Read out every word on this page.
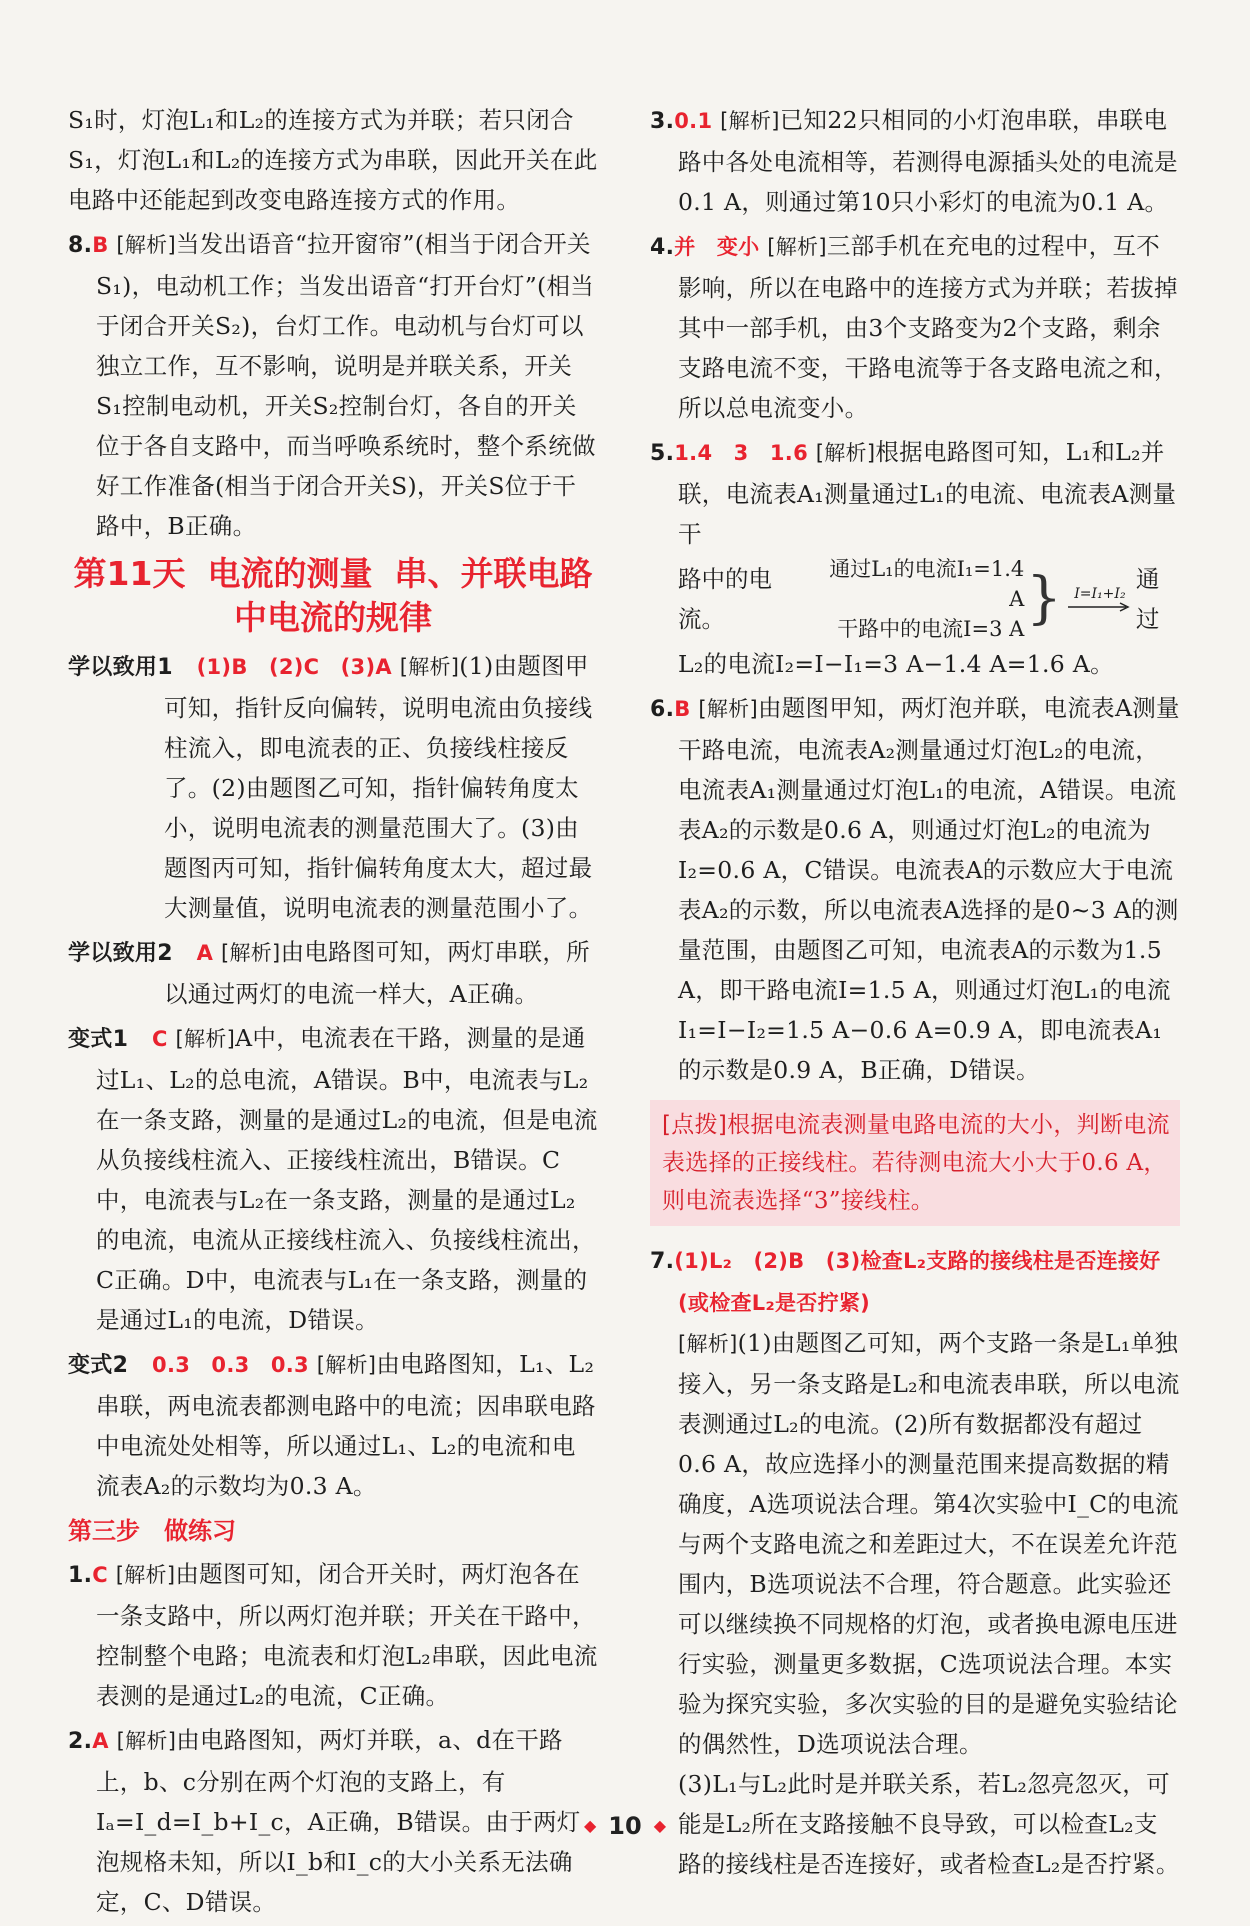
S₁时，灯泡L₁和L₂的连接方式为并联；若只闭合S₁，灯泡L₁和L₂的连接方式为串联，因此开关在此电路中还能起到改变电路连接方式的作用。

8.B [解析]当发出语音“拉开窗帘”(相当于闭合开关S₁)，电动机工作；当发出语音“打开台灯”(相当于闭合开关S₂)，台灯工作。电动机与台灯可以独立工作，互不影响，说明是并联关系，开关S₁控制电动机，开关S₂控制台灯，各自的开关位于各自支路中，而当呼唤系统时，整个系统做好工作准备(相当于闭合开关S)，开关S位于干路中，B正确。

第11天 电流的测量 串、并联电路
中电流的规律

学以致用1　 (1)B　(2)C　(3)A [解析](1)由题图甲可知，指针反向偏转，说明电流由负接线柱流入，即电流表的正、负接线柱接反了。(2)由题图乙可知，指针偏转角度太小，说明电流表的测量范围大了。(3)由题图丙可知，指针偏转角度太大，超过最大测量值，说明电流表的测量范围小了。

学以致用2　 A [解析]由电路图可知，两灯串联，所以通过两灯的电流一样大，A正确。

变式1　 C [解析]A中，电流表在干路，测量的是通过L₁、L₂的总电流，A错误。B中，电流表与L₂在一条支路，测量的是通过L₂的电流，但是电流从负接线柱流入、正接线柱流出，B错误。C中，电流表与L₂在一条支路，测量的是通过L₂的电流，电流从正接线柱流入、负接线柱流出，C正确。D中，电流表与L₁在一条支路，测量的是通过L₁的电流，D错误。

变式2　 0.3　0.3　0.3 [解析]由电路图知，L₁、L₂串联，两电流表都测电路中的电流；因串联电路中电流处处相等，所以通过L₁、L₂的电流和电流表A₂的示数均为0.3 A。

第三步　做练习

1.C [解析]由题图可知，闭合开关时，两灯泡各在一条支路中，所以两灯泡并联；开关在干路中，控制整个电路；电流表和灯泡L₂串联，因此电流表测的是通过L₂的电流，C正确。

2.A [解析]由电路图知，两灯并联，a、d在干路上，b、c分别在两个灯泡的支路上，有Iₐ=I_d=I_b+I_c，A正确，B错误。由于两灯泡规格未知，所以I_b和I_c的大小关系无法确定，C、D错误。

3.0.1 [解析]已知22只相同的小灯泡串联，串联电路中各处电流相等，若测得电源插头处的电流是0.1 A，则通过第10只小彩灯的电流为0.1 A。

4.并　变小 [解析]三部手机在充电的过程中，互不影响，所以在电路中的连接方式为并联；若拔掉其中一部手机，由3个支路变为2个支路，剩余支路电流不变，干路电流等于各支路电流之和，所以总电流变小。

5.1.4　3　1.6 [解析]根据电路图可知，L₁和L₂并联，电流表A₁测量通过L₁的电流、电流表A测量干

路中的电流。
通过L₁的电流I₁=1.4 A
干路中的电流I=3 A } I=I₁+I₂
通过

L₂的电流I₂=I−I₁=3 A−1.4 A=1.6 A。

6.B [解析]由题图甲知，两灯泡并联，电流表A测量干路电流，电流表A₂测量通过灯泡L₂的电流，电流表A₁测量通过灯泡L₁的电流，A错误。电流表A₂的示数是0.6 A，则通过灯泡L₂的电流为I₂=0.6 A，C错误。电流表A的示数应大于电流表A₂的示数，所以电流表A选择的是0~3 A的测量范围，由题图乙可知，电流表A的示数为1.5 A，即干路电流I=1.5 A，则通过灯泡L₁的电流I₁=I−I₂=1.5 A−0.6 A=0.9 A，即电流表A₁的示数是0.9 A，B正确，D错误。

[点拨]根据电流表测量电路电流的大小，判断电流表选择的正接线柱。若待测电流大小大于0.6 A，则电流表选择“3”接线柱。

7.(1)L₂　(2)B　(3)检查L₂支路的接线柱是否连接好(或检查L₂是否拧紧)

[解析](1)由题图乙可知，两个支路一条是L₁单独接入，另一条支路是L₂和电流表串联，所以电流表测通过L₂的电流。(2)所有数据都没有超过0.6 A，故应选择小的测量范围来提高数据的精确度，A选项说法合理。第4次实验中I_C的电流与两个支路电流之和差距过大，不在误差允许范围内，B选项说法不合理，符合题意。此实验还可以继续换不同规格的灯泡，或者换电源电压进行实验，测量更多数据，C选项说法合理。本实验为探究实验，多次实验的目的是避免实验结论的偶然性，D选项说法合理。

(3)L₁与L₂此时是并联关系，若L₂忽亮忽灭，可能是L₂所在支路接触不良导致，可以检查L₂支路的接线柱是否连接好，或者检查L₂是否拧紧。

◆ 10 ◆
